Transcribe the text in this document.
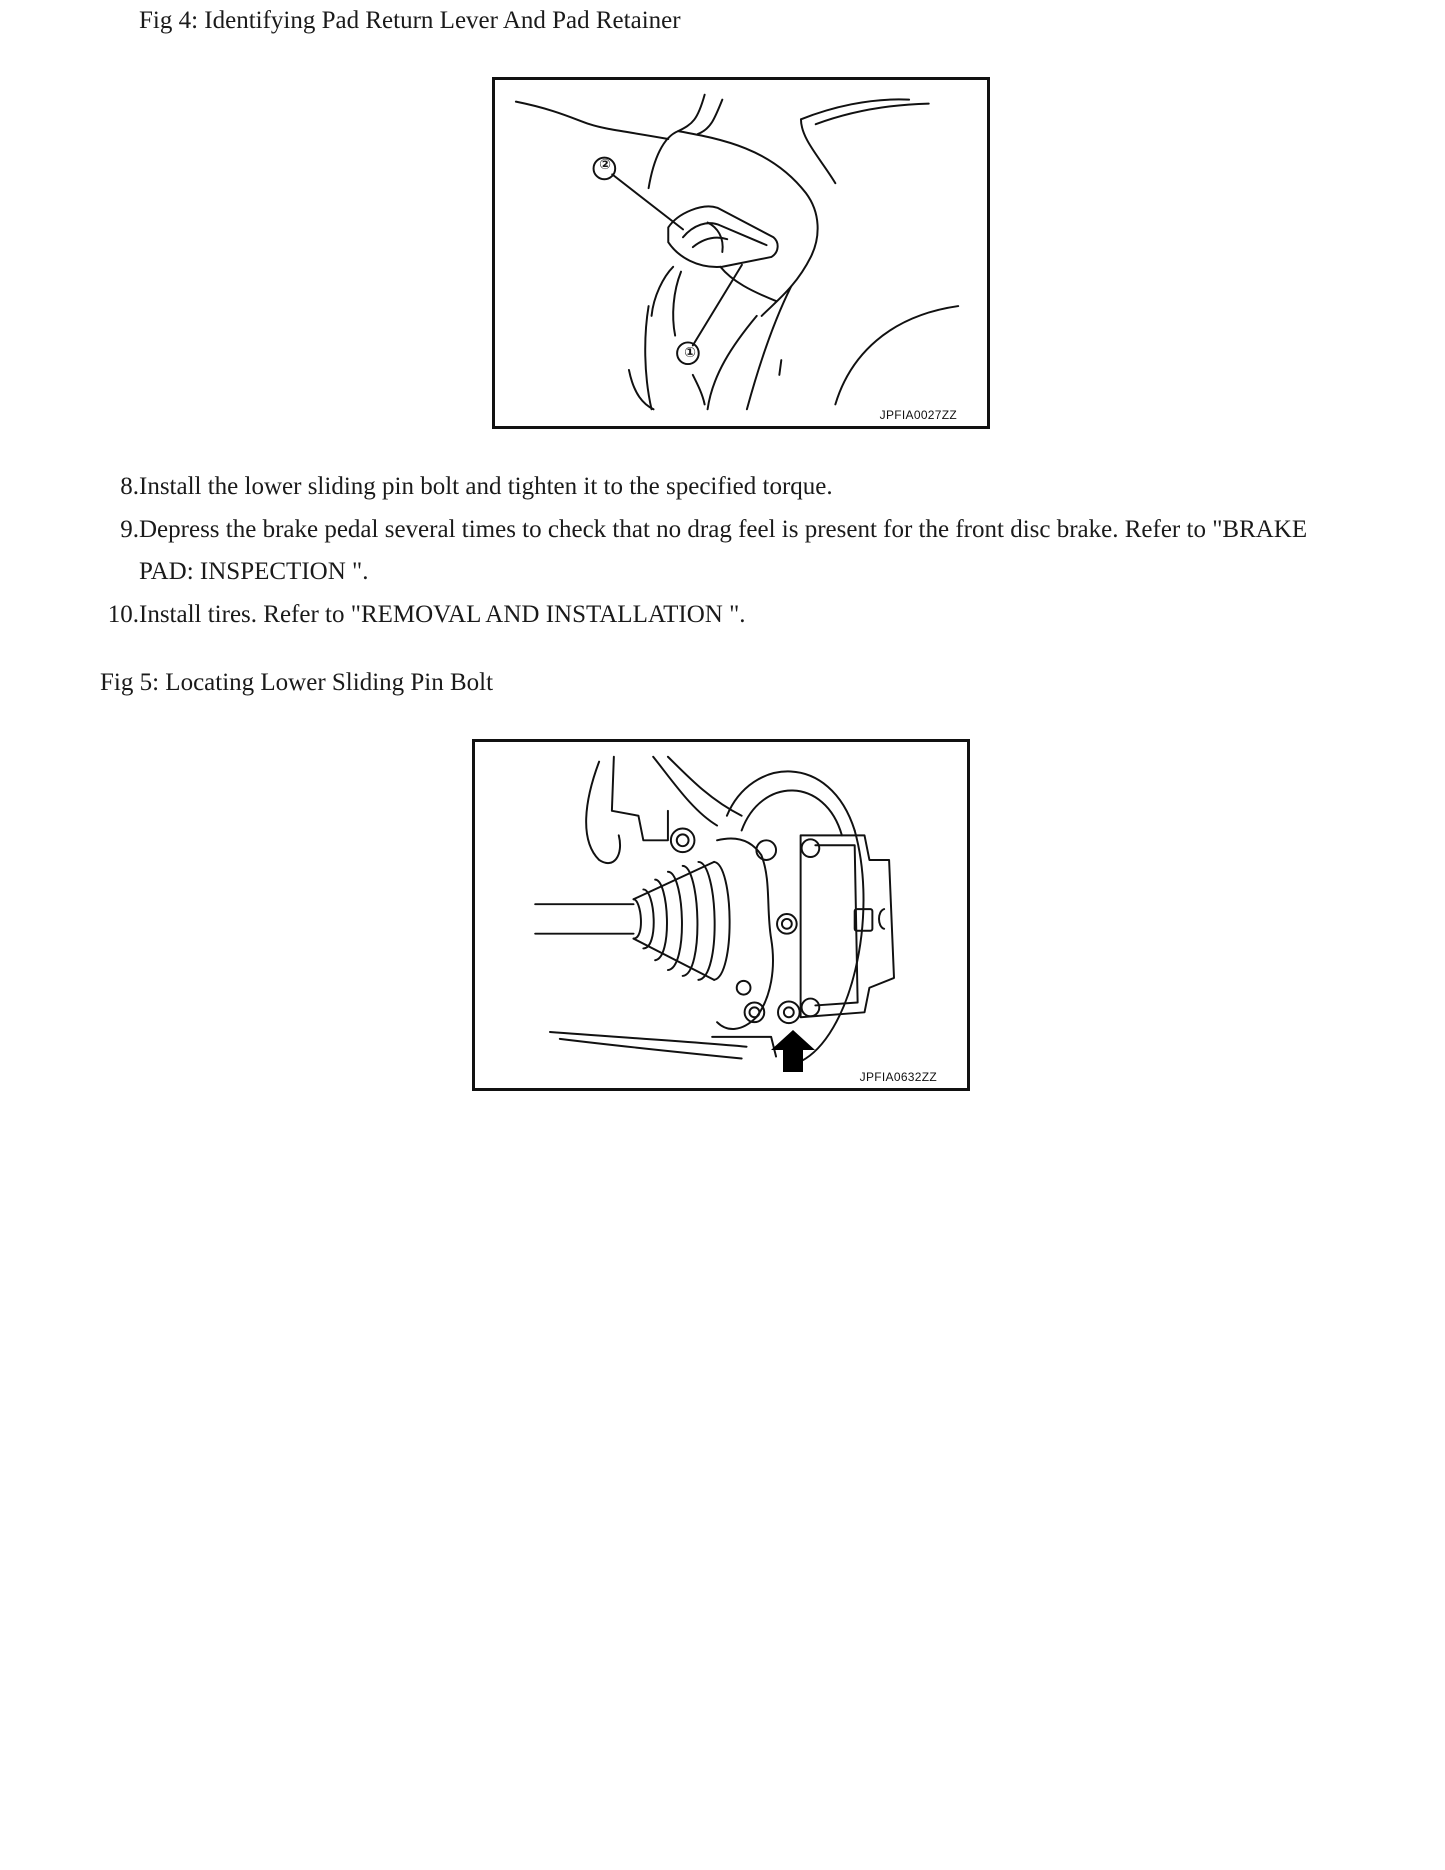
Fig 4: Identifying Pad Return Lever And Pad Retainer
②
①
JPFIA0027ZZ
8. Install the lower sliding pin bolt and tighten it to the specified torque.
9. Depress the brake pedal several times to check that no drag feel is present for the front disc brake. Refer to "BRAKE PAD: INSPECTION ".
10. Install tires. Refer to "REMOVAL AND INSTALLATION ".
Fig 5: Locating Lower Sliding Pin Bolt
JPFIA0632ZZ
